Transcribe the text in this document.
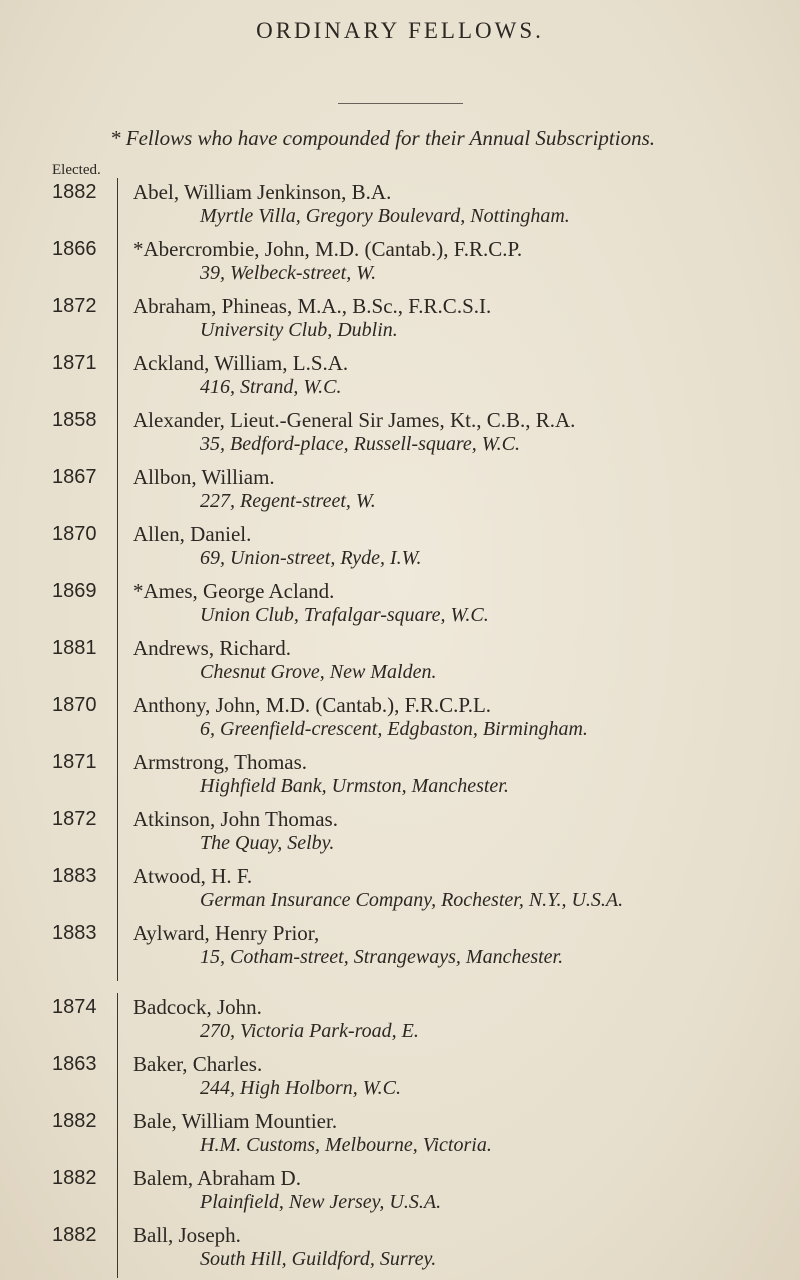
ORDINARY FELLOWS.
* Fellows who have compounded for their Annual Subscriptions.
Elected.
1882 Abel, William Jenkinson, B.A.
Myrtle Villa, Gregory Boulevard, Nottingham.
1866 *Abercrombie, John, M.D. (Cantab.), F.R.C.P.
39, Welbeck-street, W.
1872 Abraham, Phineas, M.A., B.Sc., F.R.C.S.I.
University Club, Dublin.
1871 Ackland, William, L.S.A.
416, Strand, W.C.
1858 Alexander, Lieut.-General Sir James, Kt., C.B., R.A.
35, Bedford-place, Russell-square, W.C.
1867 Allbon, William.
227, Regent-street, W.
1870 Allen, Daniel.
69, Union-street, Ryde, I.W.
1869 *Ames, George Acland.
Union Club, Trafalgar-square, W.C.
1881 Andrews, Richard.
Chesnut Grove, New Malden.
1870 Anthony, John, M.D. (Cantab.), F.R.C.P.L.
6, Greenfield-crescent, Edgbaston, Birmingham.
1871 Armstrong, Thomas.
Highfield Bank, Urmston, Manchester.
1872 Atkinson, John Thomas.
The Quay, Selby.
1883 Atwood, H. F.
German Insurance Company, Rochester, N.Y., U.S.A.
1883 Aylward, Henry Prior,
15, Cotham-street, Strangeways, Manchester.
1874 Badcock, John.
270, Victoria Park-road, E.
1863 Baker, Charles.
244, High Holborn, W.C.
1882 Bale, William Mountier.
H.M. Customs, Melbourne, Victoria.
1882 Balem, Abraham D.
Plainfield, New Jersey, U.S.A.
1882 Ball, Joseph.
South Hill, Guildford, Surrey.
